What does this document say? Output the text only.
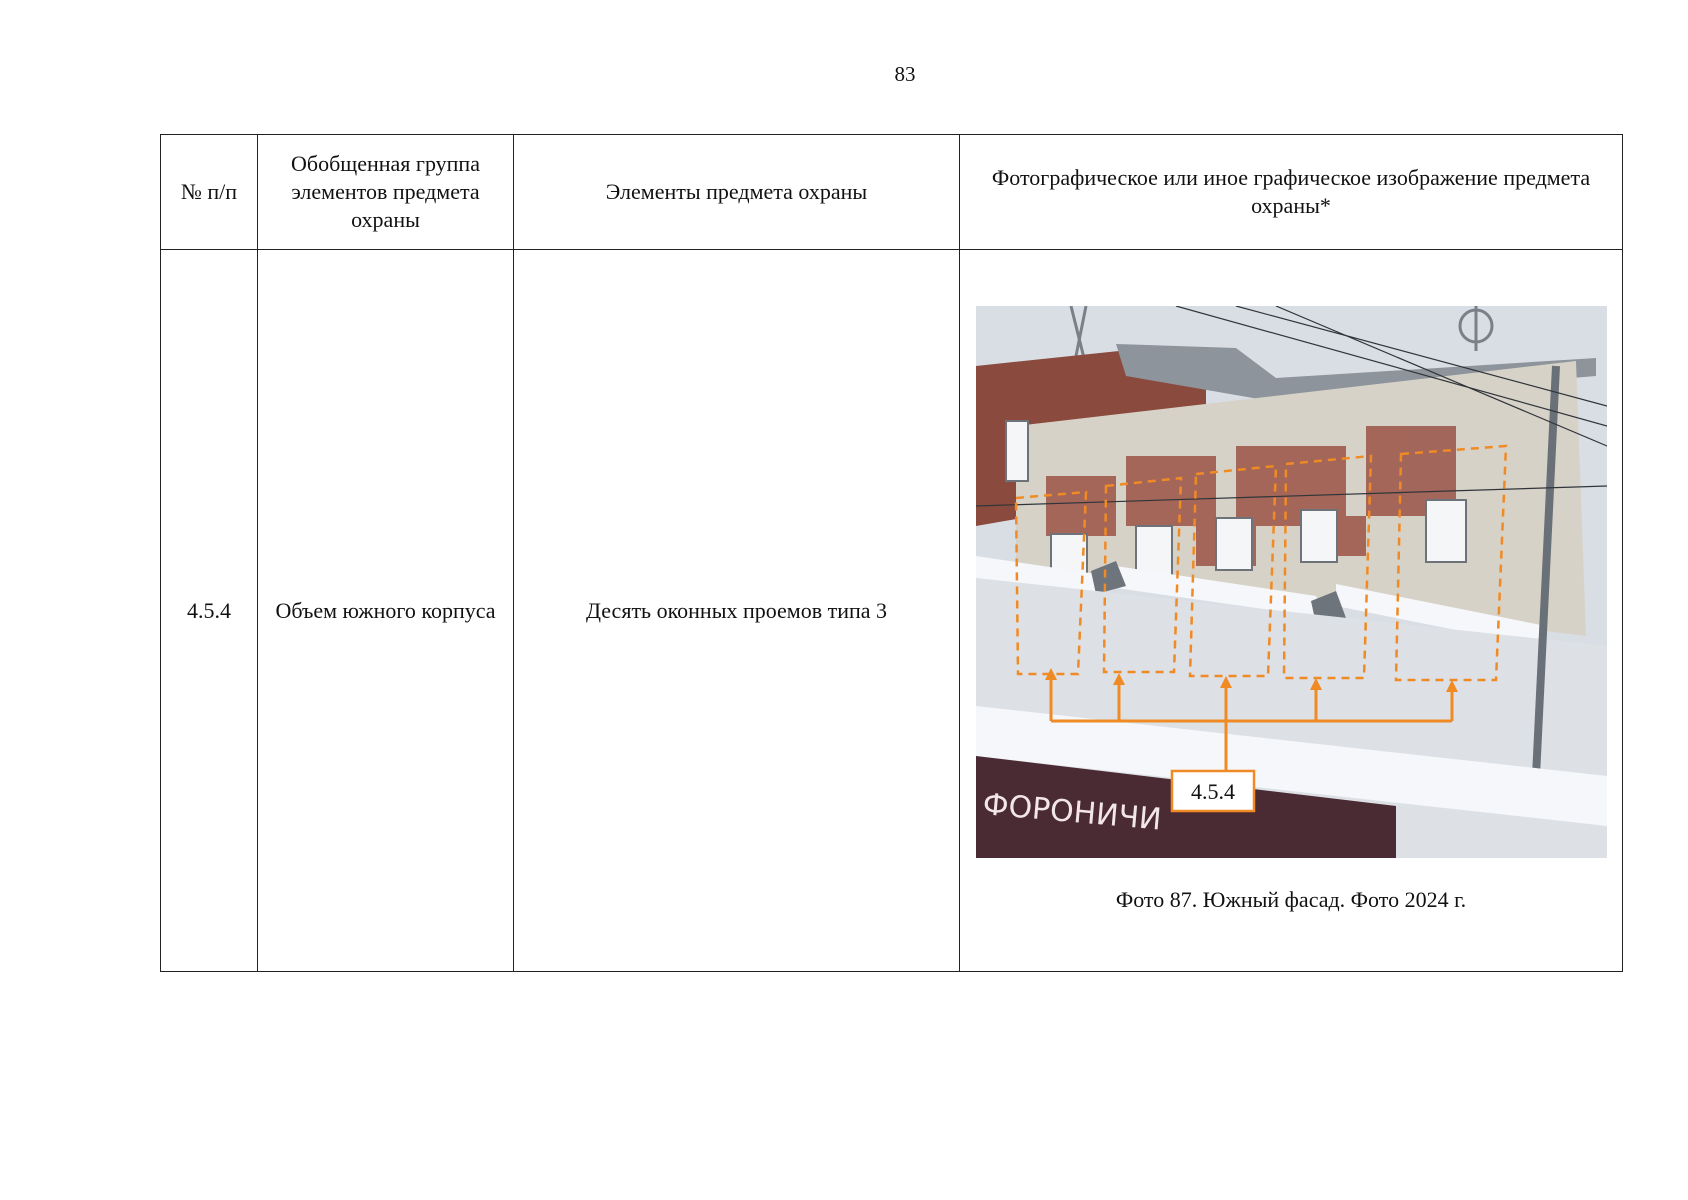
83
№ п/п	Обобщенная группа элементов предмета охраны	Элементы предмета охраны	Фотографическое или иное графическое изображение предмета охраны*
4.5.4	Объем южного корпуса	Десять оконных проемов типа 3	ФОРОНИЧИ 4.5.4
Фото 87. Южный фасад. Фото 2024 г.
